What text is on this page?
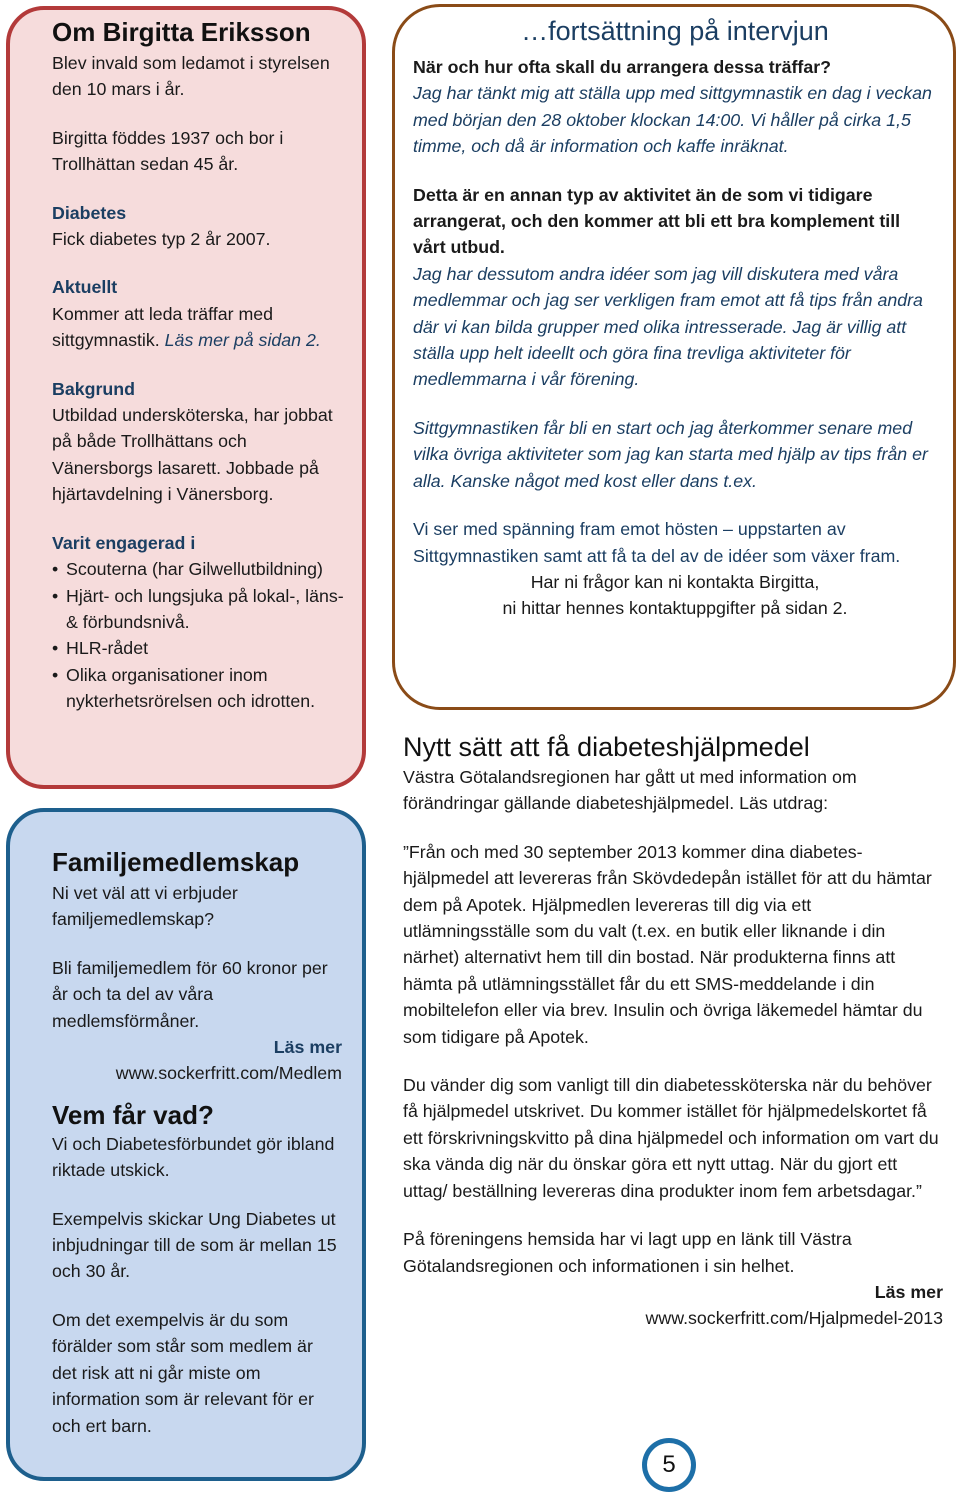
Om Birgitta Eriksson
Blev invald som ledamot i styrelsen den 10 mars i år.
Birgitta föddes 1937 och bor i Trollhättan sedan 45 år.
Diabetes
Fick diabetes typ 2 år 2007.
Aktuellt
Kommer att leda träffar med sittgymnastik. Läs mer på sidan 2.
Bakgrund
Utbildad undersköterska, har jobbat på både Trollhättans och Vänersborgs lasarett. Jobbade på hjärtavdelning i Vänersborg.
Varit engagerad i
• Scouterna (har Gilwellutbildning)
• Hjärt- och lungsjuka på lokal-, läns- & förbundsnivå.
• HLR-rådet
• Olika organisationer inom nykterhetsrörelsen och idrotten.
Familjemedlemskap
Ni vet väl att vi erbjuder familjemedlemskap?
Bli familjemedlem för 60 kronor per år och ta del av våra medlemsförmåner.
Läs mer
www.sockerfritt.com/Medlem
Vem får vad?
Vi och Diabetesförbundet gör ibland riktade utskick.
Exempelvis skickar Ung Diabetes ut inbjudningar till de som är mellan 15 och 30 år.
Om det exempelvis är du som förälder som står som medlem är det risk att ni går miste om information som är relevant för er och ert barn.
…fortsättning på intervjun
När och hur ofta skall du arrangera dessa träffar?
Jag har tänkt mig att ställa upp med sittgymnastik en dag i veckan med början den 28 oktober klockan 14:00. Vi håller på cirka 1,5 timme, och då är information och kaffe inräknat.
Detta är en annan typ av aktivitet än de som vi tidigare arrangerat, och den kommer att bli ett bra komplement till vårt utbud.
Jag har dessutom andra idéer som jag vill diskutera med våra medlemmar och jag ser verkligen fram emot att få tips från andra där vi kan bilda grupper med olika intresserade. Jag är villig att ställa upp helt ideellt och göra fina trevliga aktiviteter för medlemmarna i vår förening.
Sittgymnastiken får bli en start och jag återkommer senare med vilka övriga aktiviteter som jag kan starta med hjälp av tips från er alla. Kanske något med kost eller dans t.ex.
Vi ser med spänning fram emot hösten – uppstarten av Sittgymnastiken samt att få ta del av de idéer som växer fram.
Har ni frågor kan ni kontakta Birgitta,
ni hittar hennes kontaktuppgifter på sidan 2.
Nytt sätt att få diabeteshjälpmedel
Västra Götalandsregionen har gått ut med information om förändringar gällande diabeteshjälpmedel. Läs utdrag:
”Från och med 30 september 2013 kommer dina diabetes-hjälpmedel att levereras från Skövdedepån istället för att du hämtar dem på Apotek. Hjälpmedlen levereras till dig via ett utlämningsställe som du valt (t.ex. en butik eller liknande i din närhet) alternativt hem till din bostad. När produkterna finns att hämta på utlämningsstället får du ett SMS-meddelande i din mobiltelefon eller via brev. Insulin och övriga läkemedel hämtar du som tidigare på Apotek.
Du vänder dig som vanligt till din diabetessköterska när du behöver få hjälpmedel utskrivet. Du kommer istället för hjälpmedelskortet få ett förskrivningskvitto på dina hjälpmedel och information om vart du ska vända dig när du önskar göra ett nytt uttag. När du gjort ett uttag/ beställning levereras dina produkter inom fem arbetsdagar.”
På föreningens hemsida har vi lagt upp en länk till Västra Götalandsregionen och informationen i sin helhet.
Läs mer
www.sockerfritt.com/Hjalpmedel-2013
5
